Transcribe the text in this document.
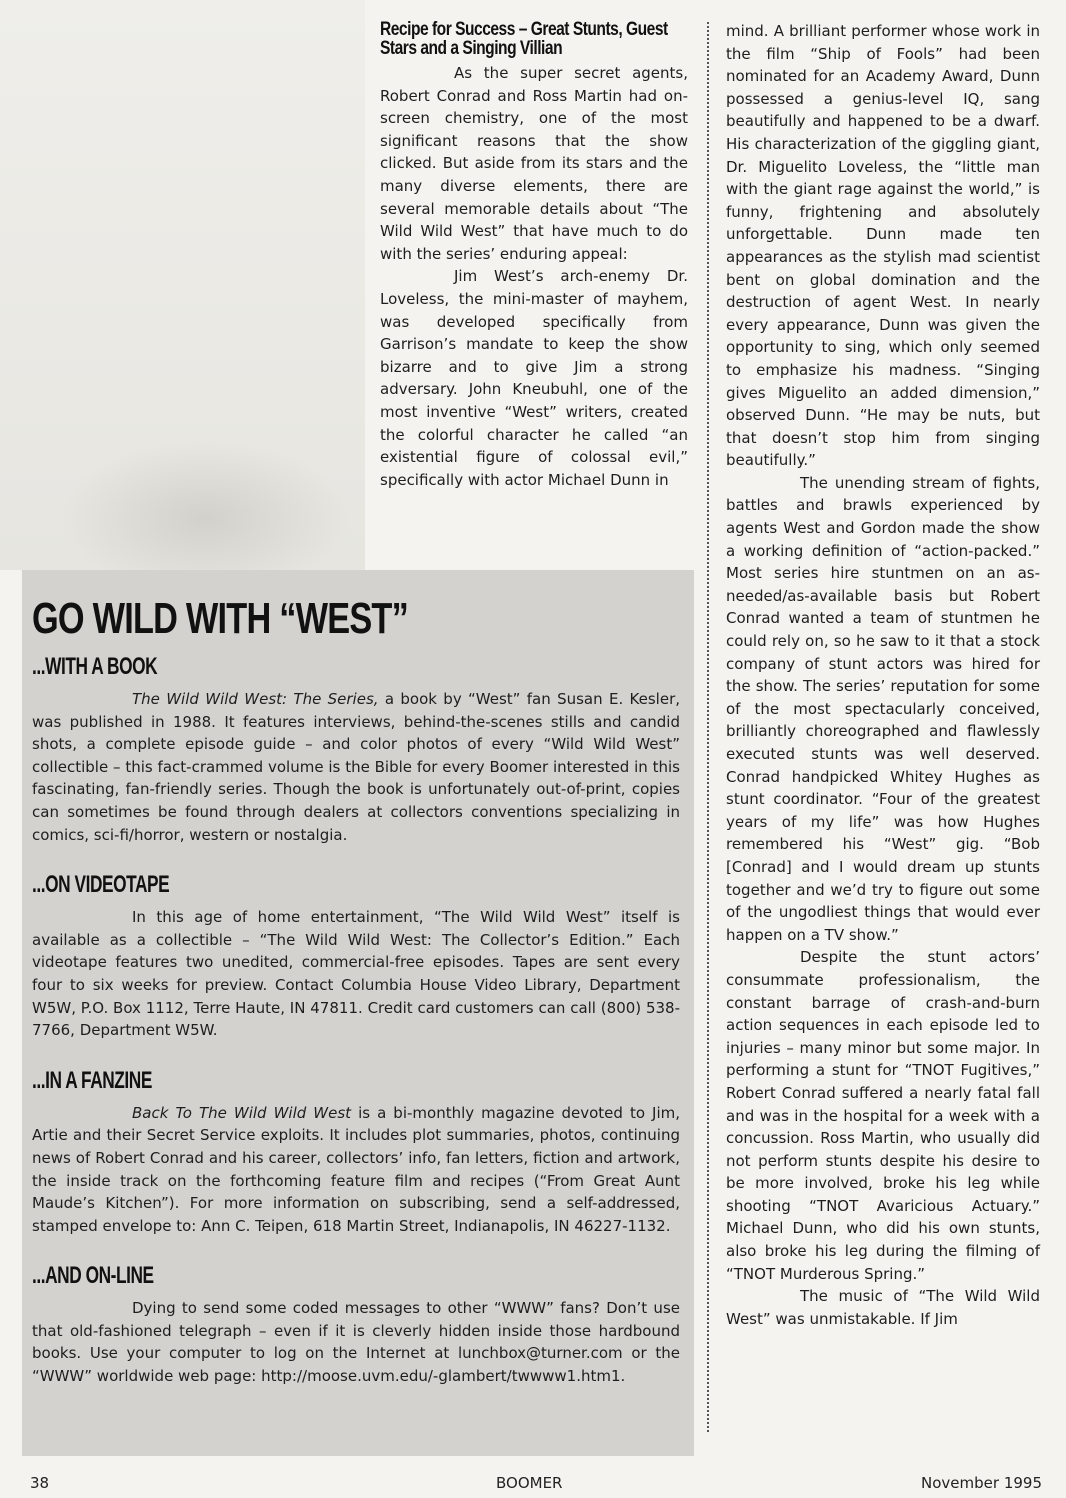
Recipe for Success – Great Stunts, Guest Stars and a Singing Villian

As the super secret agents, Robert Conrad and Ross Martin had on-screen chemistry, one of the most significant reasons that the show clicked. But aside from its stars and the many diverse elements, there are several memorable details about “The Wild Wild West” that have much to do with the series’ enduring appeal:

Jim West’s arch-enemy Dr. Loveless, the mini-master of mayhem, was developed specifically from Garrison’s mandate to keep the show bizarre and to give Jim a strong adversary. John Kneubuhl, one of the most inventive “West” writers, created the colorful character he called “an existential figure of colossal evil,” specifically with actor Michael Dunn in

mind. A brilliant performer whose work in the film “Ship of Fools” had been nominated for an Academy Award, Dunn possessed a genius-level IQ, sang beautifully and happened to be a dwarf. His characterization of the giggling giant, Dr. Miguelito Loveless, the “little man with the giant rage against the world,” is funny, frightening and absolutely unforgettable. Dunn made ten appearances as the stylish mad scientist bent on global domination and the destruction of agent West. In nearly every appearance, Dunn was given the opportunity to sing, which only seemed to emphasize his madness. “Singing gives Miguelito an added dimension,” observed Dunn. “He may be nuts, but that doesn’t stop him from singing beautifully.”

The unending stream of fights, battles and brawls experienced by agents West and Gordon made the show a working definition of “action-packed.” Most series hire stuntmen on an as-needed/as-available basis but Robert Conrad wanted a team of stuntmen he could rely on, so he saw to it that a stock company of stunt actors was hired for the show. The series’ reputation for some of the most spectacularly conceived, brilliantly choreographed and flawlessly executed stunts was well deserved. Conrad handpicked Whitey Hughes as stunt coordinator. “Four of the greatest years of my life” was how Hughes remembered his “West” gig. “Bob [Conrad] and I would dream up stunts together and we’d try to figure out some of the ungodliest things that would ever happen on a TV show.”

Despite the stunt actors’ consummate professionalism, the constant barrage of crash-and-burn action sequences in each episode led to injuries – many minor but some major. In performing a stunt for “TNOT Fugitives,” Robert Conrad suffered a nearly fatal fall and was in the hospital for a week with a concussion. Ross Martin, who usually did not perform stunts despite his desire to be more involved, broke his leg while shooting “TNOT Avaricious Actuary.” Michael Dunn, who did his own stunts, also broke his leg during the filming of “TNOT Murderous Spring.”

The music of “The Wild Wild West” was unmistakable. If Jim

GO WILD WITH “WEST”
...WITH A BOOK

The Wild Wild West: The Series, a book by “West” fan Susan E. Kesler, was published in 1988. It features interviews, behind-the-scenes stills and candid shots, a complete episode guide – and color photos of every “Wild Wild West” collectible – this fact-crammed volume is the Bible for every Boomer interested in this fascinating, fan-friendly series. Though the book is unfortunately out-of-print, copies can sometimes be found through dealers at collectors conventions specializing in comics, sci-fi/horror, western or nostalgia.

...ON VIDEOTAPE

In this age of home entertainment, “The Wild Wild West” itself is available as a collectible – “The Wild Wild West: The Collector’s Edition.” Each videotape features two unedited, commercial-free episodes. Tapes are sent every four to six weeks for preview. Contact Columbia House Video Library, Department W5W, P.O. Box 1112, Terre Haute, IN 47811. Credit card customers can call (800) 538-7766, Department W5W.

...IN A FANZINE

Back To The Wild Wild West is a bi-monthly magazine devoted to Jim, Artie and their Secret Service exploits. It includes plot summaries, photos, continuing news of Robert Conrad and his career, collectors’ info, fan letters, fiction and artwork, the inside track on the forthcoming feature film and recipes (“From Great Aunt Maude’s Kitchen”). For more information on subscribing, send a self-addressed, stamped envelope to: Ann C. Teipen, 618 Martin Street, Indianapolis, IN 46227-1132.

...AND ON-LINE

Dying to send some coded messages to other “WWW” fans? Don’t use that old-fashioned telegraph – even if it is cleverly hidden inside those hardbound books. Use your computer to log on the Internet at lunchbox@turner.com or the “WWW” worldwide web page: http://moose.uvm.edu/-glambert/twwww1.htm1.

38	BOOMER	November 1995
